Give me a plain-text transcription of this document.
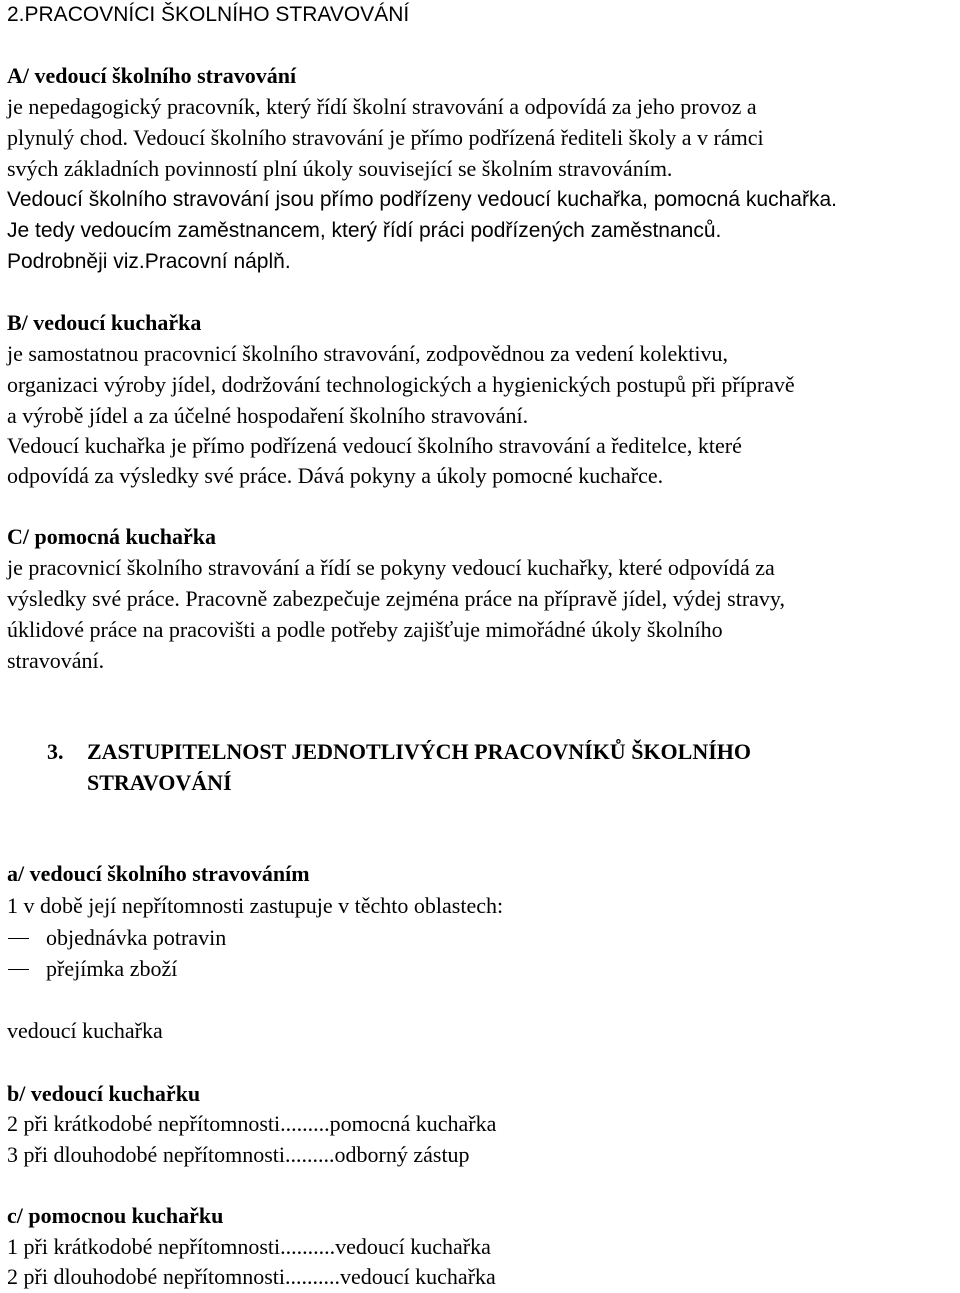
2.PRACOVNÍCI ŠKOLNÍHO STRAVOVÁNÍ
A/ vedoucí školního stravování
je nepedagogický pracovník, který řídí školní stravování a odpovídá za jeho provoz a
plynulý chod. Vedoucí školního stravování je přímo podřízená řediteli školy a v rámci
svých základních povinností plní úkoly související se školním stravováním.
Vedoucí školního stravování jsou přímo podřízeny vedoucí kuchařka, pomocná kuchařka.
Je tedy vedoucím zaměstnancem, který řídí práci podřízených zaměstnanců.
Podrobněji viz.Pracovní náplň.
B/ vedoucí kuchařka
je samostatnou pracovnicí školního stravování, zodpovědnou za vedení kolektivu,
organizaci výroby jídel, dodržování technologických a hygienických postupů při přípravě
a výrobě jídel a za účelné hospodaření školního stravování.
Vedoucí kuchařka je přímo podřízená vedoucí školního stravování a ředitelce, které
odpovídá za výsledky své práce. Dává pokyny a úkoly pomocné kuchařce.
C/ pomocná kuchařka
je pracovnicí školního stravování a řídí se pokyny vedoucí kuchařky, které odpovídá za
výsledky své práce. Pracovně zabezpečuje zejména práce na přípravě jídel, výdej stravy,
úklidové práce na pracovišti a podle potřeby zajišťuje mimořádné úkoly školního
stravování.
3. ZASTUPITELNOST JEDNOTLIVÝCH PRACOVNÍKŮ ŠKOLNÍHO
STRAVOVÁNÍ
a/ vedoucí školního stravováním
1 v době její nepřítomnosti zastupuje v těchto oblastech:
objednávka potravin
přejímka zboží
vedoucí kuchařka
b/ vedoucí kuchařku
2 při krátkodobé nepřítomnosti.........pomocná kuchařka
3 při dlouhodobé nepřítomnosti.........odborný zástup
c/ pomocnou kuchařku
1 při krátkodobé nepřítomnosti..........vedoucí kuchařka
2 při dlouhodobé nepřítomnosti..........vedoucí kuchařka
